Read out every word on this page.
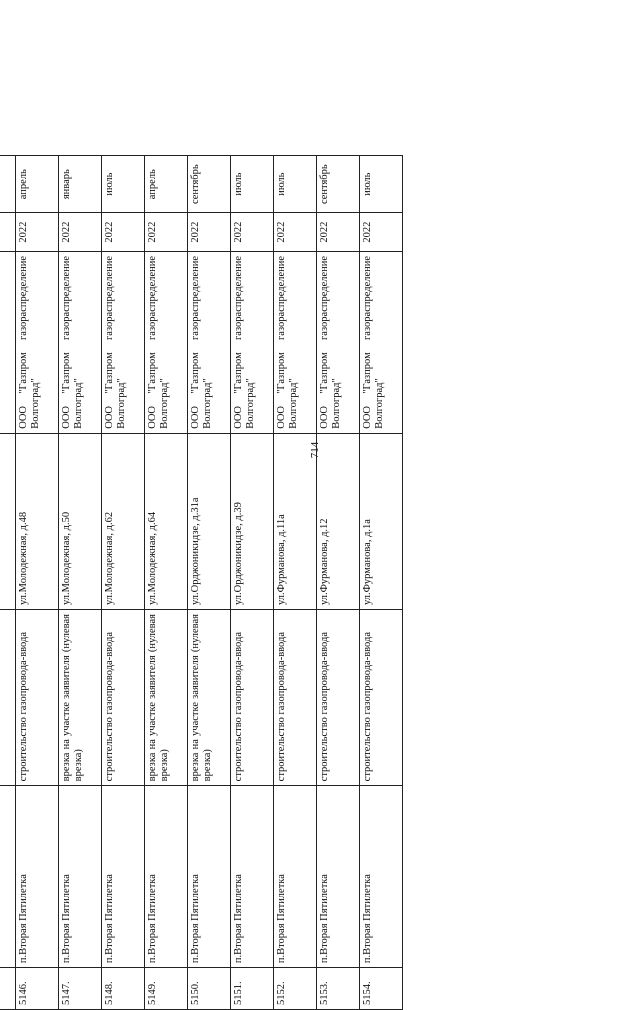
714

5146.	п.Вторая Пятилетка	строительство газопровода-ввода	ул.Молодежная, д.48	ООО "Газпром газораспределение Волгоград"	2022	апрель
5147.	п.Вторая Пятилетка	врезка на участке заявителя (нулевая врезка)	ул.Молодежная, д.50	ООО "Газпром газораспределение Волгоград"	2022	январь
5148.	п.Вторая Пятилетка	строительство газопровода-ввода	ул.Молодежная, д.62	ООО "Газпром газораспределение Волгоград"	2022	июль
5149.	п.Вторая Пятилетка	врезка на участке заявителя (нулевая врезка)	ул.Молодежная, д.64	ООО "Газпром газораспределение Волгоград"	2022	апрель
5150.	п.Вторая Пятилетка	врезка на участке заявителя (нулевая врезка)	ул.Орджоникидзе, д.31а	ООО "Газпром газораспределение Волгоград"	2022	сентябрь
5151.	п.Вторая Пятилетка	строительство газопровода-ввода	ул.Орджоникидзе, д.39	ООО "Газпром газораспределение Волгоград"	2022	июль
5152.	п.Вторая Пятилетка	строительство газопровода-ввода	ул.Фурманова, д.11а	ООО "Газпром газораспределение Волгоград"	2022	июль
5153.	п.Вторая Пятилетка	строительство газопровода-ввода	ул.Фурманова, д.12	ООО "Газпром газораспределение Волгоград"	2022	сентябрь
5154.	п.Вторая Пятилетка	строительство газопровода-ввода	ул.Фурманова, д.1а	ООО "Газпром газораспределение Волгоград"	2022	июль
